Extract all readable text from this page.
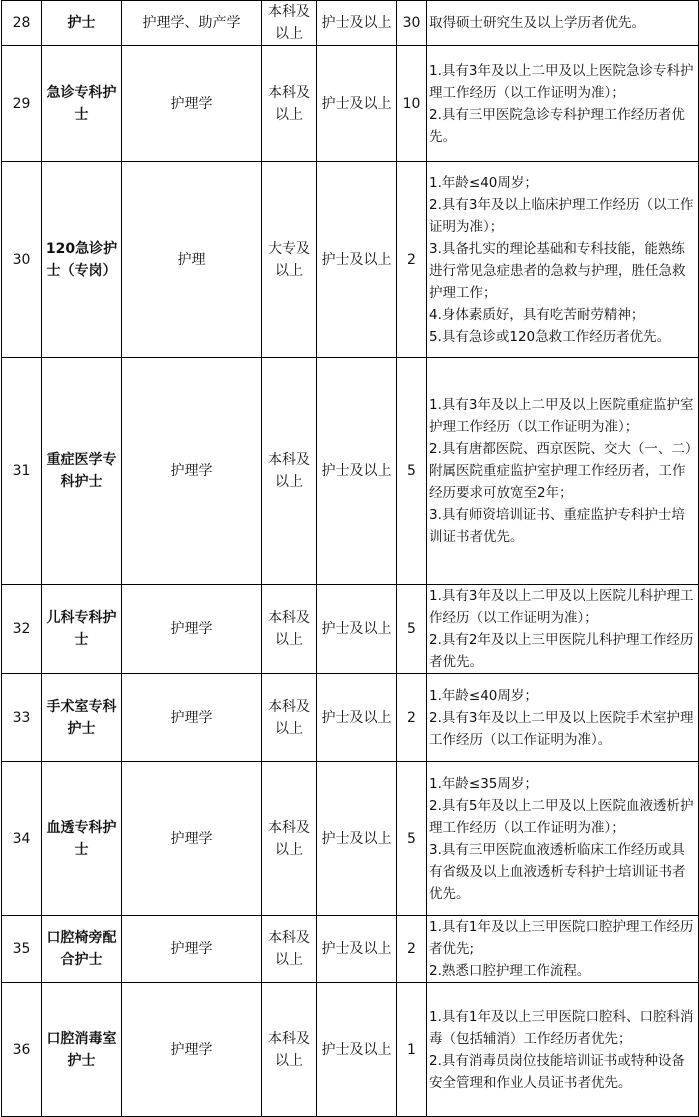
28	护士	护理学、助产学	本科及以上	护士及以上	30	取得硕士研究生及以上学历者优先。

29	急诊专科护士	护理学	本科及以上	护士及以上	10	1.具有3年及以上二甲及以上医院急诊专科护理工作经历（以工作证明为准）；
2.具有三甲医院急诊专科护理工作经历者优先。

30	120急诊护士（专岗）	护理	大专及以上	护士及以上	2	1.年龄≤40周岁；
2.具有3年及以上临床护理工作经历（以工作证明为准）；
3.具备扎实的理论基础和专科技能，能熟练进行常见急症患者的急救与护理，胜任急救护理工作；
4.身体素质好，具有吃苦耐劳精神；
5.具有急诊或120急救工作经历者优先。

31	重症医学专科护士	护理学	本科及以上	护士及以上	5	1.具有3年及以上二甲及以上医院重症监护室护理工作经历（以工作证明为准）；
2.具有唐都医院、西京医院、交大（一、二）附属医院重症监护室护理工作经历者，工作经历要求可放宽至2年；
3.具有师资培训证书、重症监护专科护士培训证书者优先。

32	儿科专科护士	护理学	本科及以上	护士及以上	5	1.具有3年及以上二甲及以上医院儿科护理工作经历（以工作证明为准）；
2.具有2年及以上三甲医院儿科护理工作经历者优先。

33	手术室专科护士	护理学	本科及以上	护士及以上	2	1.年龄≤40周岁；
2.具有3年及以上二甲及以上医院手术室护理工作经历（以工作证明为准）。

34	血透专科护士	护理学	本科及以上	护士及以上	5	1.年龄≤35周岁；
2.具有5年及以上二甲及以上医院血液透析护理工作经历（以工作证明为准）；
3.具有三甲医院血液透析临床工作经历或具有省级及以上血液透析专科护士培训证书者优先。

35	口腔椅旁配合护士	护理学	本科及以上	护士及以上	2	1.具有1年及以上三甲医院口腔护理工作经历者优先;
2.熟悉口腔护理工作流程。

36	口腔消毒室护士	护理学	本科及以上	护士及以上	1	1.具有1年及以上三甲医院口腔科、口腔科消毒（包括辅消）工作经历者优先；
2.具有消毒员岗位技能培训证书或特种设备安全管理和作业人员证书者优先。
